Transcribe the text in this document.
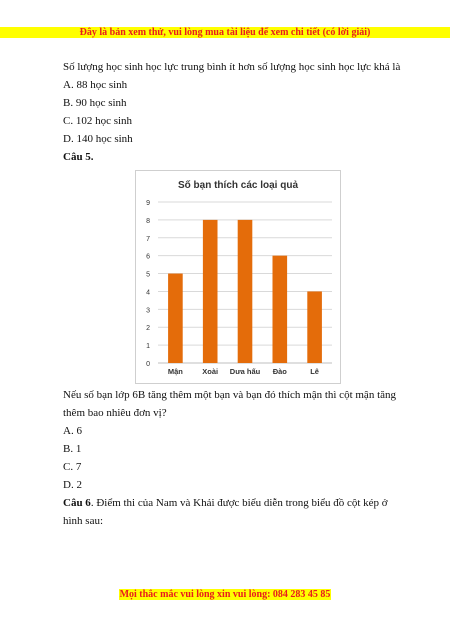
Đây là bản xem thử, vui lòng mua tài liệu để xem chi tiết (có lời giải)

Số lượng học sinh học lực trung bình ít hơn số lượng học sinh học lực khá là

A. 88 học sinh

B. 90 học sinh

C. 102 học sinh

D. 140 học sinh

Câu 5.

Số bạn thích các loại quả
0
1
2
3
4
5
6
7
8
9
Mận	Xoài Dưa hấu Đào	Lê

Nếu số bạn lớp 6B tăng thêm một bạn và bạn đó thích mận thì cột mận tăng

thêm bao nhiêu đơn vị?

A. 6

B. 1

C. 7

D. 2

Câu 6. Điểm thi của Nam và Khải được biểu diễn trong biểu đồ cột kép ở

hình sau:

Mọi thắc mắc vui lòng xin vui lòng: 084 283 45 85
